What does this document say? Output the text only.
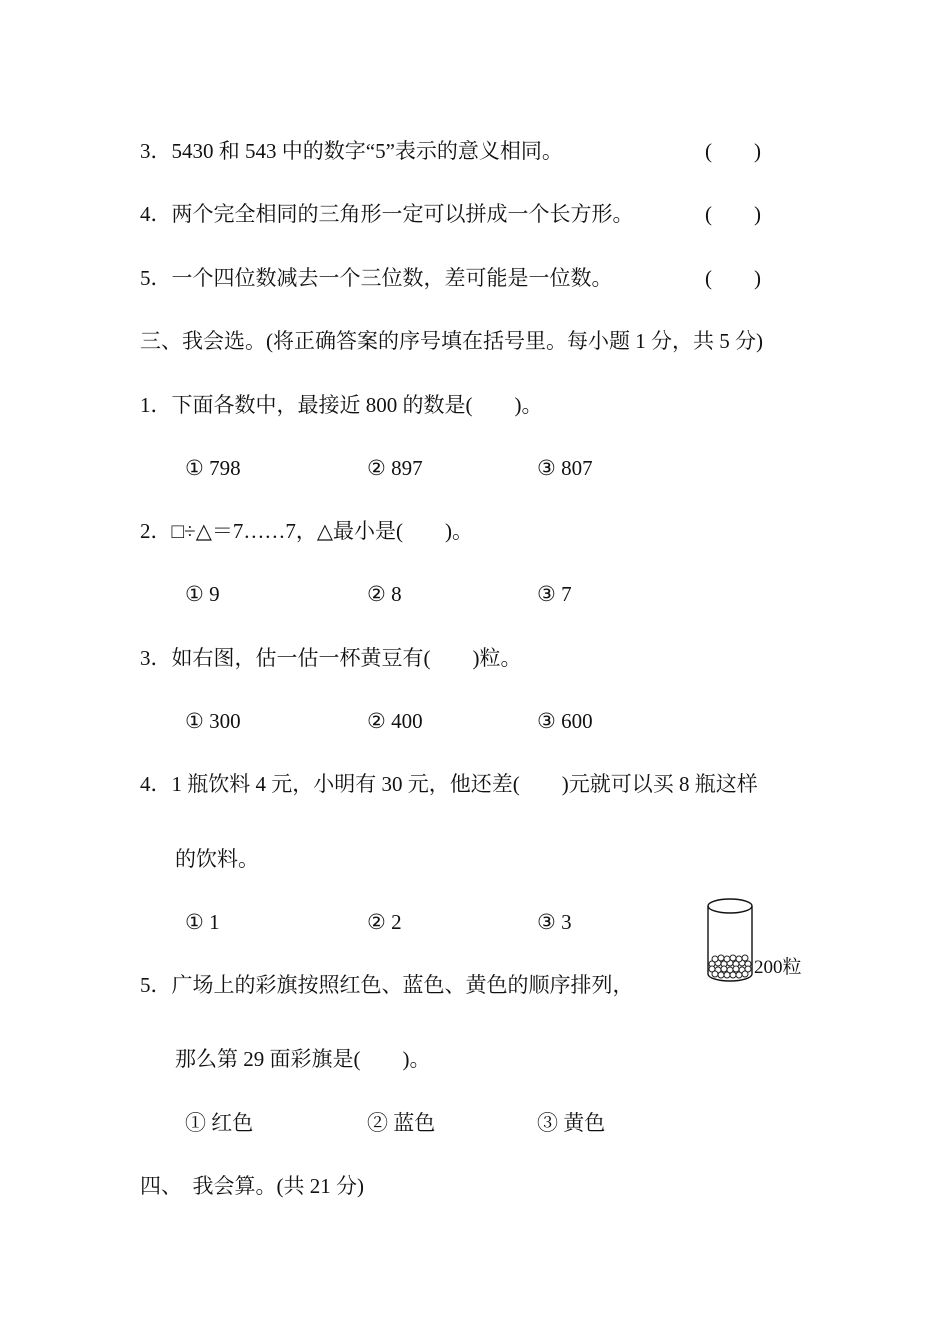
3．5430 和 543 中的数字“5”表示的意义相同。	(　　)
4．两个完全相同的三角形一定可以拼成一个长方形。	(　　)
5．一个四位数减去一个三位数，差可能是一位数。	(　　)
三、我会选。(将正确答案的序号填在括号里。每小题 1 分，共 5 分)
1．下面各数中，最接近 800 的数是(　　)。
① 798	② 897	③ 807
2．□÷△＝7……7，△最小是(　　)。
① 9	② 8	③ 7
3．如右图，估一估一杯黄豆有(　　)粒。
① 300	② 400	③ 600
4．1 瓶饮料 4 元，小明有 30 元，他还差(　　)元就可以买 8 瓶这样
的饮料。
① 1	② 2	③ 3
200粒
5．广场上的彩旗按照红色、蓝色、黄色的顺序排列，
那么第 29 面彩旗是(　　)。
① 红色	② 蓝色	③ 黄色
四、　我会算。(共 21 分)
